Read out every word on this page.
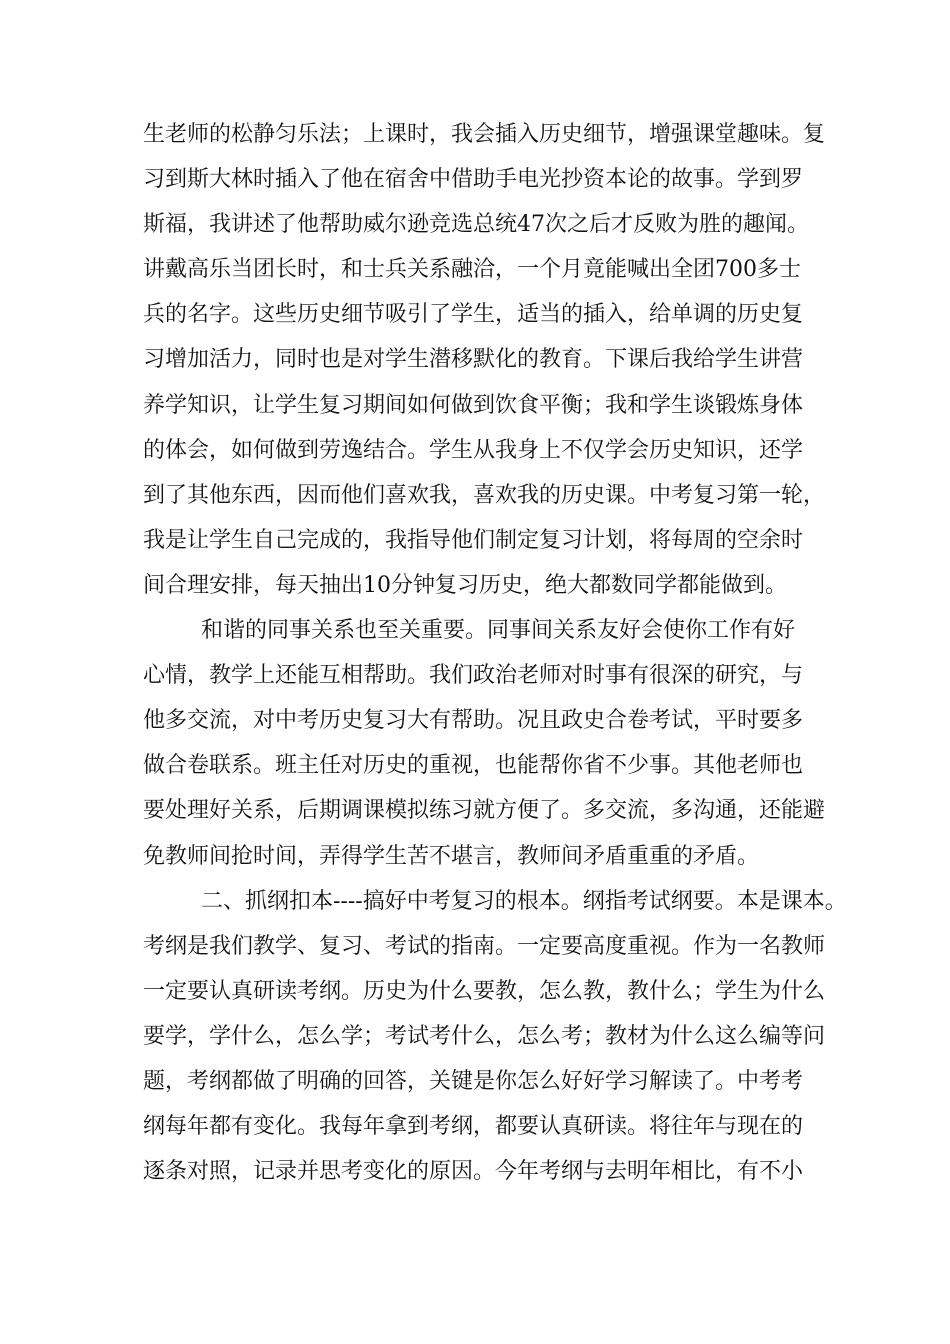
生老师的松静匀乐法；上课时，我会插入历史细节，增强课堂趣味。复
习到斯大林时插入了他在宿舍中借助手电光抄资本论的故事。学到罗
斯福，我讲述了他帮助威尔逊竞选总统47次之后才反败为胜的趣闻。
讲戴高乐当团长时，和士兵关系融洽，一个月竟能喊出全团700多士
兵的名字。这些历史细节吸引了学生，适当的插入，给单调的历史复
习增加活力，同时也是对学生潜移默化的教育。下课后我给学生讲营
养学知识，让学生复习期间如何做到饮食平衡；我和学生谈锻炼身体
的体会，如何做到劳逸结合。学生从我身上不仅学会历史知识，还学
到了其他东西，因而他们喜欢我，喜欢我的历史课。中考复习第一轮，
我是让学生自己完成的，我指导他们制定复习计划，将每周的空余时
间合理安排，每天抽出10分钟复习历史，绝大都数同学都能做到。
和谐的同事关系也至关重要。同事间关系友好会使你工作有好
心情，教学上还能互相帮助。我们政治老师对时事有很深的研究，与
他多交流，对中考历史复习大有帮助。况且政史合卷考试，平时要多
做合卷联系。班主任对历史的重视，也能帮你省不少事。其他老师也
要处理好关系，后期调课模拟练习就方便了。多交流，多沟通，还能避
免教师间抢时间，弄得学生苦不堪言，教师间矛盾重重的矛盾。
二、抓纲扣本----搞好中考复习的根本。纲指考试纲要。本是课本。
考纲是我们教学、复习、考试的指南。一定要高度重视。作为一名教师
一定要认真研读考纲。历史为什么要教，怎么教，教什么；学生为什么
要学，学什么，怎么学；考试考什么，怎么考；教材为什么这么编等问
题，考纲都做了明确的回答，关键是你怎么好好学习解读了。中考考
纲每年都有变化。我每年拿到考纲，都要认真研读。将往年与现在的
逐条对照，记录并思考变化的原因。今年考纲与去明年相比，有不小
